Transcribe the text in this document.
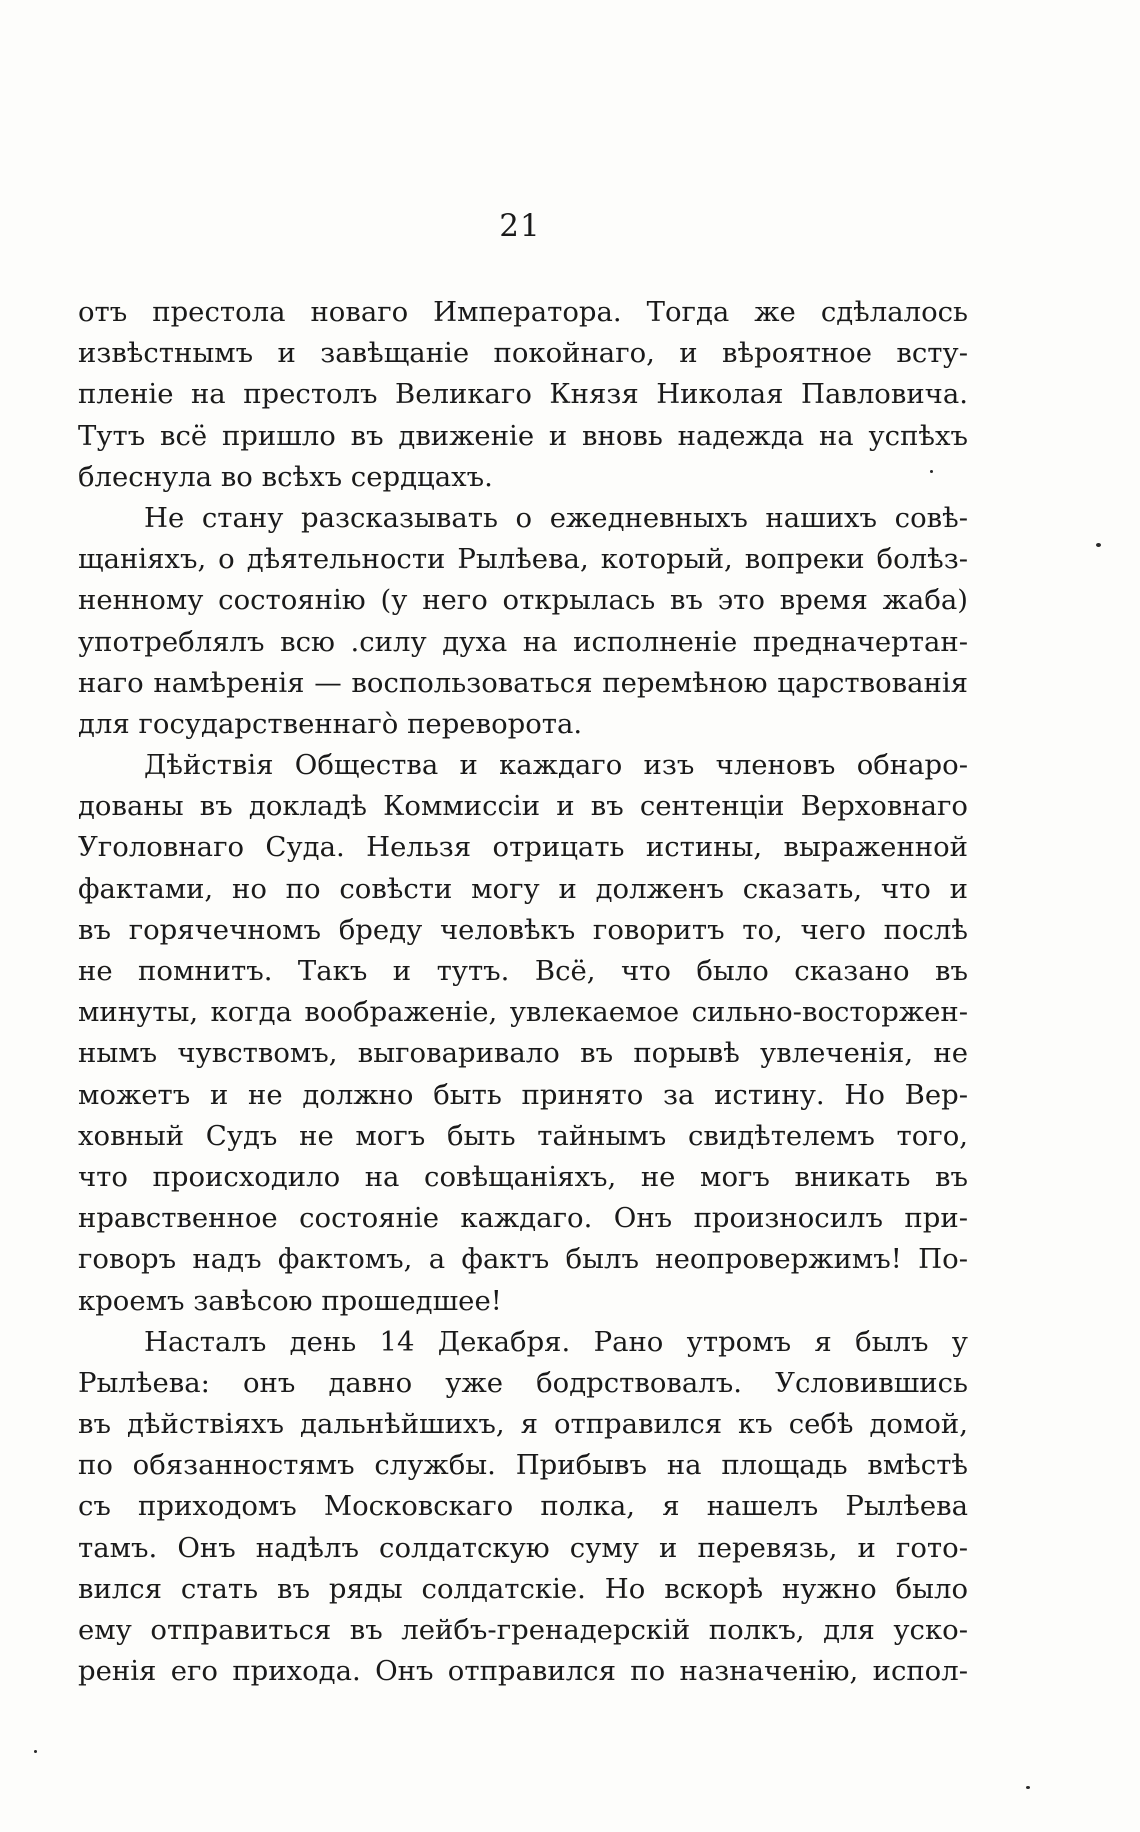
21
отъ престола новаго Императора. Тогда же сдѣлалось
извѣстнымъ и завѣщаніе покойнаго, и вѣроятное всту-
пленіе на престолъ Великаго Князя Николая Павловича.
Тутъ всё пришло въ движеніе и вновь надежда на успѣхъ
блеснула во всѣхъ сердцахъ.
Не стану разсказывать о ежедневныхъ нашихъ совѣ-
щаніяхъ, о дѣятельности Рылѣева, который, вопреки болѣз-
ненному состоянію (у него открылась въ это время жаба)
употреблялъ всю .силу духа на исполненіе предначертан-
наго намѣренія — воспользоваться перемѣною царствованія
для государственнагò переворота.
Дѣйствія Общества и каждаго изъ членовъ обнаро-
дованы въ докладѣ Коммиссіи и въ сентенціи Верховнаго
Уголовнаго Суда. Нельзя отрицать истины, выраженной
фактами, но по совѣсти могу и долженъ сказать, что и
въ горячечномъ бреду человѣкъ говоритъ то, чего послѣ
не помнитъ. Такъ и тутъ. Всё, что было сказано въ
минуты, когда воображеніе, увлекаемое сильно-восторжен-
нымъ чувствомъ, выговаривало въ порывѣ увлеченія, не
можетъ и не должно быть принято за истину. Но Вер-
ховный Судъ не могъ быть тайнымъ свидѣтелемъ того,
что происходило на совѣщаніяхъ, не могъ вникать въ
нравственное состояніе каждаго. Онъ произносилъ при-
говоръ надъ фактомъ, а фактъ былъ неопровержимъ! По-
кроемъ завѣсою прошедшее!
Насталъ день 14 Декабря. Рано утромъ я былъ у
Рылѣева: онъ давно уже бодрствовалъ. Условившись
въ дѣйствіяхъ дальнѣйшихъ, я отправился къ себѣ домой,
по обязанностямъ службы. Прибывъ на площадь вмѣстѣ
съ приходомъ Московскаго полка, я нашелъ Рылѣева
тамъ. Онъ надѣлъ солдатскую суму и перевязь, и гото-
вился стать въ ряды солдатскіе. Но вскорѣ нужно было
ему отправиться въ лейбъ-гренадерскій полкъ, для уско-
ренія его прихода. Онъ отправился по назначенію, испол-
